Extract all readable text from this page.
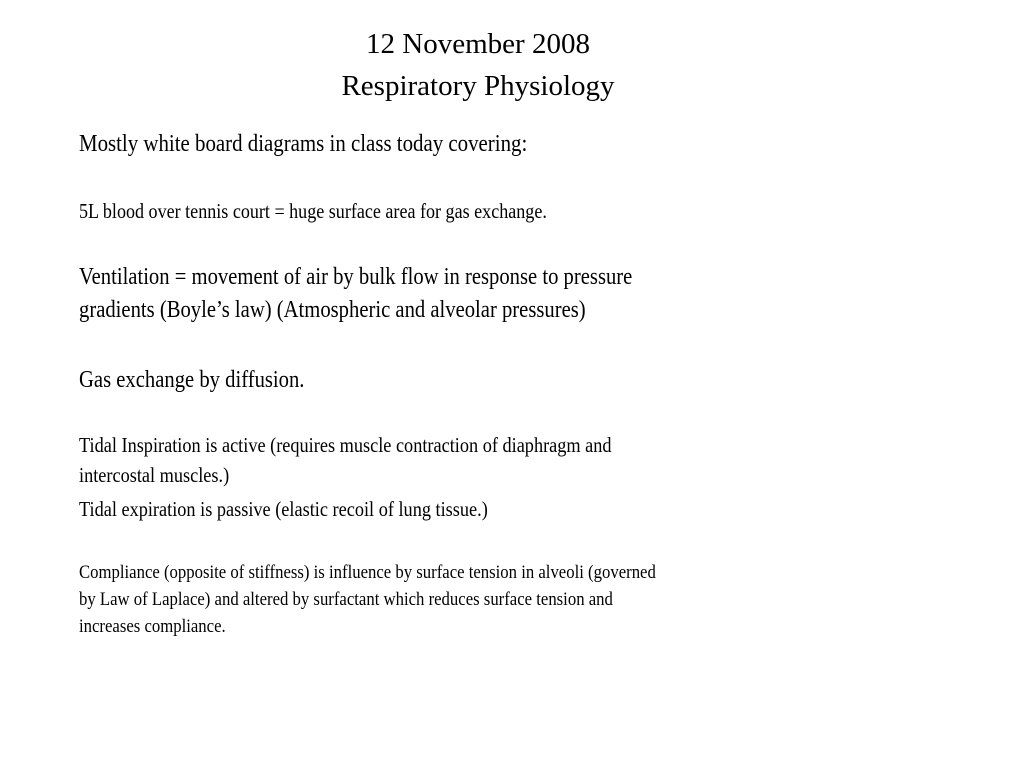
12 November 2008
Respiratory Physiology
Mostly white board diagrams in class today covering:
5L blood over tennis court = huge surface area for gas exchange.
Ventilation = movement of air by bulk flow in response to pressure
gradients (Boyle’s law) (Atmospheric and alveolar pressures)
Gas exchange by diffusion.
Tidal Inspiration is active (requires muscle contraction of diaphragm and
intercostal muscles.)
Tidal expiration is passive (elastic recoil of lung tissue.)
Compliance (opposite of stiffness) is influence by surface tension in alveoli (governed
by Law of Laplace) and altered by surfactant which reduces surface tension and
increases compliance.
